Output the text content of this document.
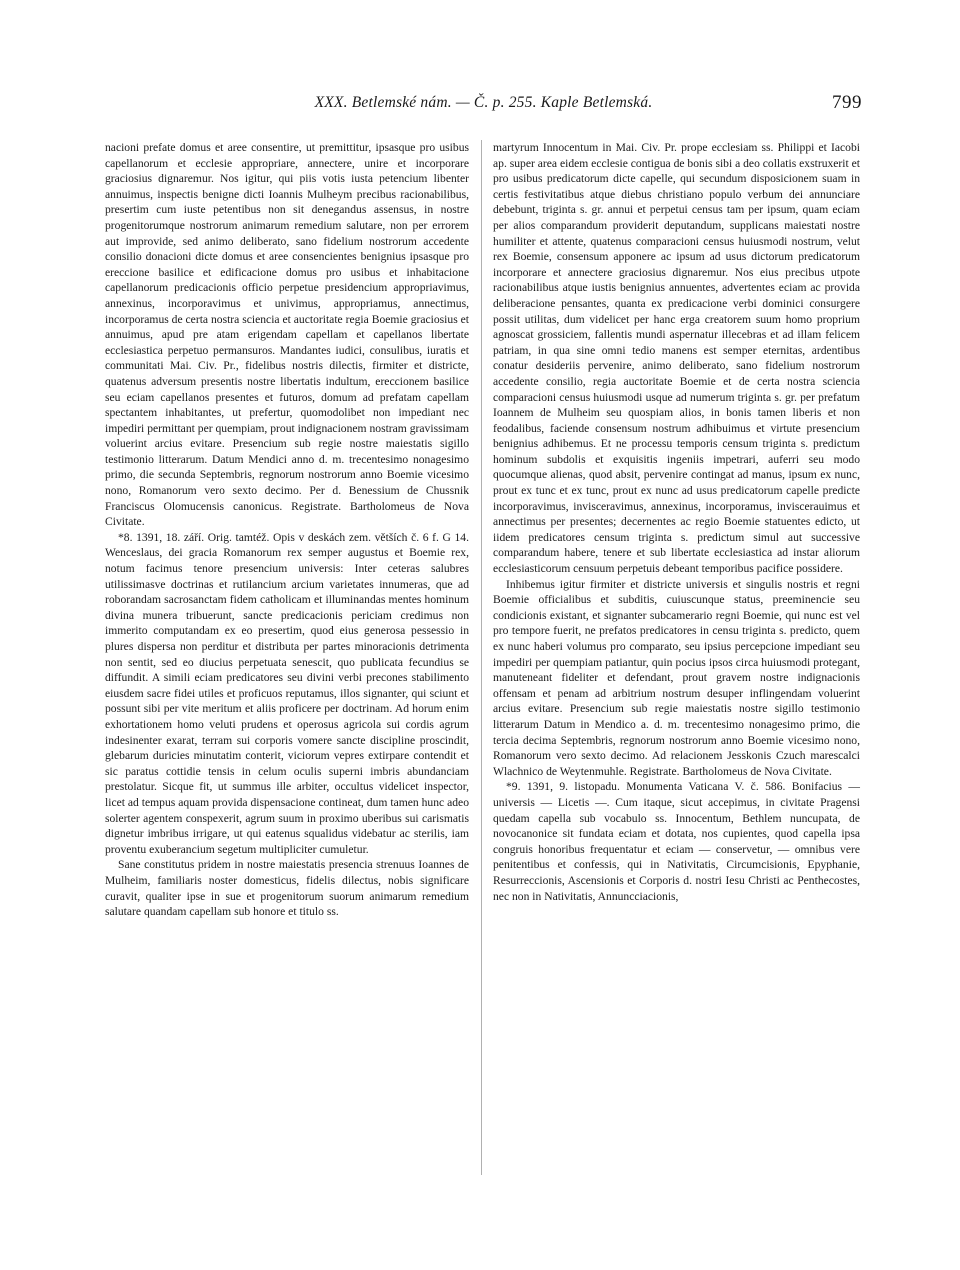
XXX. Betlemské nám. — Č. p. 255. Kaple Betlemská.	799

nacioni prefate domus et aree consentire, ut premittitur, ipsasque pro usibus capellanorum et ecclesie appropriare, annectere, unire et incorporare graciosius dignaremur. Nos igitur, qui piis votis iusta petencium libenter annuimus, inspectis benigne dicti Ioannis Mulheym precibus racionabilibus, presertim cum iuste petentibus non sit denegandus assensus, in nostre progenitorumque nostrorum animarum remedium salutare, non per errorem aut improvide, sed animo deliberato, sano fidelium nostrorum accedente consilio donacioni dicte domus et aree consencientes benignius ipsasque pro ereccione basilice et edificacione domus pro usibus et inhabitacione capellanorum predicacionis officio perpetue presidencium appropriavimus, annexinus, incorporavimus et univimus, appropriamus, annectimus, incorporamus de certa nostra sciencia et auctoritate regia Boemie graciosius et annuimus, apud pre atam erigendam capellam et capellanos libertate ecclesiastica perpetuo permansuros. Mandantes iudici, consulibus, iuratis et communitati Mai. Civ. Pr., fidelibus nostris dilectis, firmiter et districte, quatenus adversum presentis nostre libertatis indultum, ereccionem basilice seu eciam capellanos presentes et futuros, domum ad prefatam capellam spectantem inhabitantes, ut prefertur, quomodolibet non impediant nec impediri permittant per quempiam, prout indignacionem nostram gravissimam voluerint arcius evitare. Presencium sub regie nostre maiestatis sigillo testimonio litterarum. Datum Mendici anno d. m. trecentesimo nonagesimo primo, die secunda Septembris, regnorum nostrorum anno Boemie vicesimo nono, Romanorum vero sexto decimo. Per d. Benessium de Chussnik Franciscus Olomucensis canonicus. Registrate. Bartholomeus de Nova Civitate.

*8. 1391, 18. září. Orig. tamtéž. Opis v deskách zem. větších č. 6 f. G 14. Wenceslaus, dei gracia Romanorum rex semper augustus et Boemie rex, notum facimus tenore presencium universis: Inter ceteras salubres utilissimasve doctrinas et rutilancium arcium varietates innumeras, que ad roborandam sacrosanctam fidem catholicam et illuminandas mentes hominum divina munera tribuerunt, sancte predicacionis periciam credimus non immerito computandam ex eo presertim, quod eius generosa pessessio in plures dispersa non perditur et distributa per partes minoracionis detrimenta non sentit, sed eo diucius perpetuata senescit, quo publicata fecundius se diffundit. A simili eciam predicatores seu divini verbi precones stabilimento eiusdem sacre fidei utiles et proficuos reputamus, illos signanter, qui sciunt et possunt sibi per vite meritum et aliis proficere per doctrinam. Ad horum enim exhortationem homo veluti prudens et operosus agricola sui cordis agrum indesinenter exarat, terram sui corporis vomere sancte discipline proscindit, glebarum duricies minutatim conterit, viciorum vepres extirpare contendit et sic paratus cottidie tensis in celum oculis superni imbris abundanciam prestolatur. Sicque fit, ut summus ille arbiter, occultus videlicet inspector, licet ad tempus aquam provida dispensacione contineat, dum tamen hunc adeo solerter agentem conspexerit, agrum suum in proximo uberibus sui carismatis dignetur imbribus irrigare, ut qui eatenus squalidus videbatur ac sterilis, iam proventu exuberancium segetum multipliciter cumuletur.

Sane constitutus pridem in nostre maiestatis presencia strenuus Ioannes de Mulheim, familiaris noster domesticus, fidelis dilectus, nobis significare curavit, qualiter ipse in sue et progenitorum suorum animarum remedium salutare quandam capellam sub honore et titulo ss.

martyrum Innocentum in Mai. Civ. Pr. prope ecclesiam ss. Philippi et Iacobi ap. super area eidem ecclesie contigua de bonis sibi a deo collatis exstruxerit et pro usibus predicatorum dicte capelle, qui secundum disposicionem suam in certis festivitatibus atque diebus christiano populo verbum dei annunciare debebunt, triginta s. gr. annui et perpetui census tam per ipsum, quam eciam per alios comparandum providerit deputandum, supplicans maiestati nostre humiliter et attente, quatenus comparacioni census huiusmodi nostrum, velut rex Boemie, consensum apponere ac ipsum ad usus dictorum predicatorum incorporare et annectere graciosius dignaremur. Nos eius precibus utpote racionabilibus atque iustis benignius annuentes, advertentes eciam ac provida deliberacione pensantes, quanta ex predicacione verbi dominici consurgere possit utilitas, dum videlicet per hanc erga creatorem suum homo proprium agnoscat grossiciem, fallentis mundi aspernatur illecebras et ad illam felicem patriam, in qua sine omni tedio manens est semper eternitas, ardentibus conatur desideriis pervenire, animo deliberato, sano fidelium nostrorum accedente consilio, regia auctoritate Boemie et de certa nostra sciencia comparacioni census huiusmodi usque ad numerum triginta s. gr. per prefatum Ioannem de Mulheim seu quospiam alios, in bonis tamen liberis et non feodalibus, faciende consensum nostrum adhibuimus et virtute presencium benignius adhibemus. Et ne processu temporis censum triginta s. predictum hominum subdolis et exquisitis ingeniis impetrari, auferri seu modo quocumque alienas, quod absit, pervenire contingat ad manus, ipsum ex nunc, prout ex tunc et ex tunc, prout ex nunc ad usus predicatorum capelle predicte incorporavimus, invisceravimus, annexinus, incorporamus, inviscerauimus et annectimus per presentes; decernentes ac regio Boemie statuentes edicto, ut iidem predicatores censum triginta s. predictum simul aut successive comparandum habere, tenere et sub libertate ecclesiastica ad instar aliorum ecclesiasticorum censuum perpetuis debeant temporibus pacifice possidere.

Inhibemus igitur firmiter et districte universis et singulis nostris et regni Boemie officialibus et subditis, cuiuscunque status, preeminencie seu condicionis existant, et signanter subcamerario regni Boemie, qui nunc est vel pro tempore fuerit, ne prefatos predicatores in censu triginta s. predicto, quem ex nunc haberi volumus pro comparato, seu ipsius percepcione impediant seu impediri per quempiam patiantur, quin pocius ipsos circa huiusmodi protegant, manuteneant fideliter et defendant, prout gravem nostre indignacionis offensam et penam ad arbitrium nostrum desuper inflingendam voluerint arcius evitare. Presencium sub regie maiestatis nostre sigillo testimonio litterarum Datum in Mendico a. d. m. trecentesimo nonagesimo primo, die tercia decima Septembris, regnorum nostrorum anno Boemie vicesimo nono, Romanorum vero sexto decimo. Ad relacionem Jesskonis Czuch marescalci Wlachnico de Weytenmuhle. Registrate. Bartholomeus de Nova Civitate.

*9. 1391, 9. listopadu. Monumenta Vaticana V. č. 586. Bonifacius — universis — Licetis —. Cum itaque, sicut accepimus, in civitate Pragensi quedam capella sub vocabulo ss. Innocentum, Bethlem nuncupata, de novocanonice sit fundata eciam et dotata, nos cupientes, quod capella ipsa congruis honoribus frequentatur et eciam — conservetur, — omnibus vere penitentibus et confessis, qui in Nativitatis, Circumcisionis, Epyphanie, Resurreccionis, Ascensionis et Corporis d. nostri Iesu Christi ac Penthecostes, nec non in Nativitatis, Annuncciacionis,
